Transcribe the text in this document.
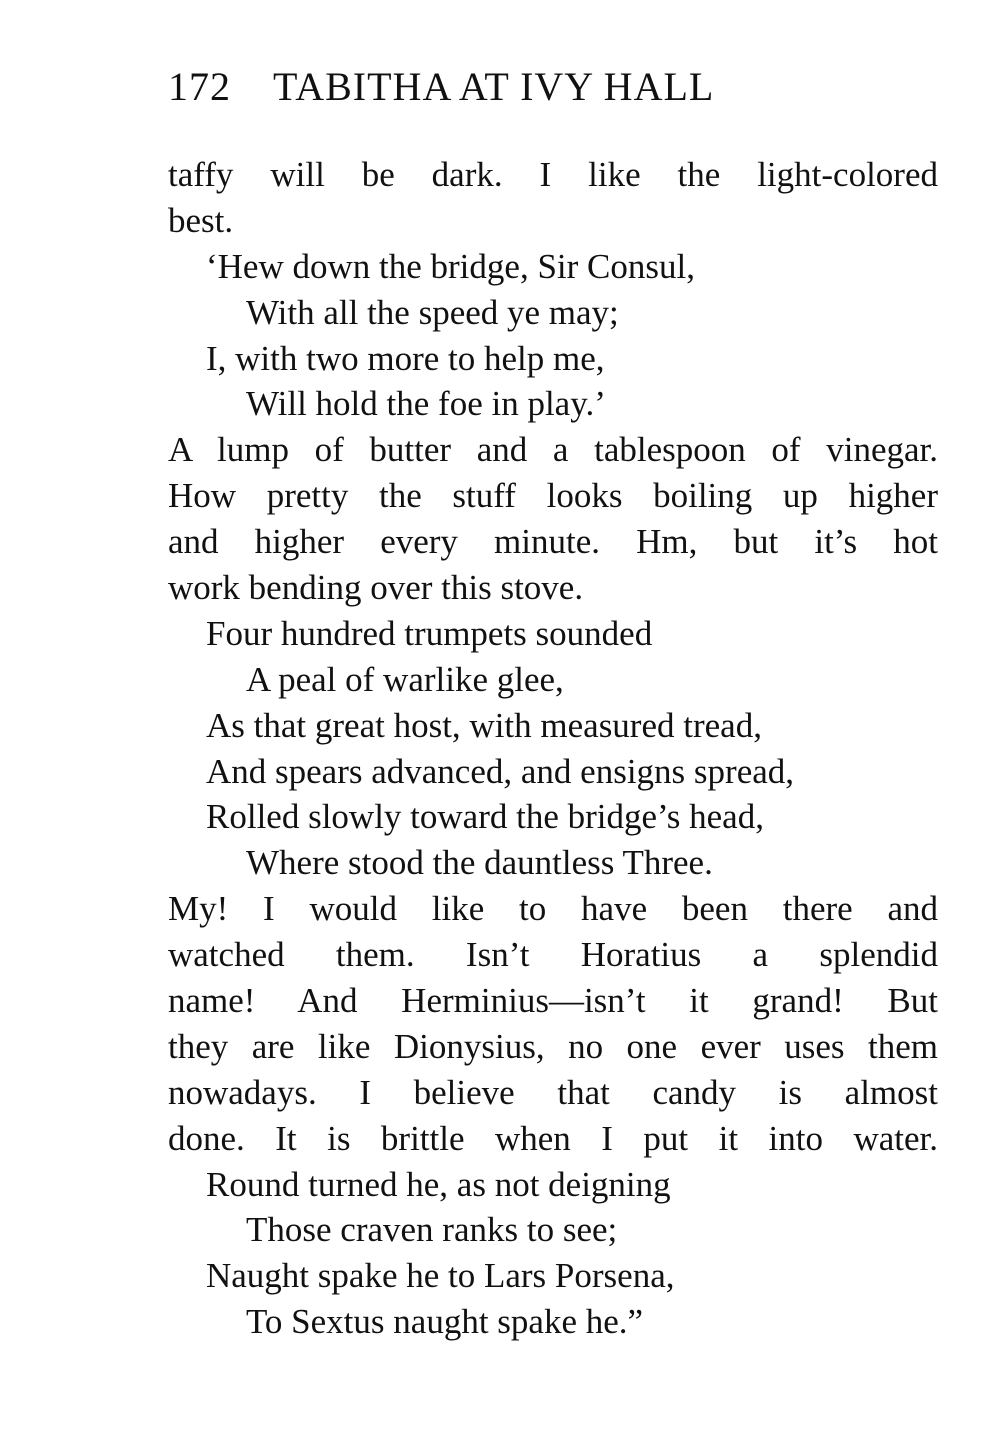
172 TABITHA AT IVY HALL
taffy will be dark. I like the light-colored
best.
‘Hew down the bridge, Sir Consul,
With all the speed ye may;
I, with two more to help me,
Will hold the foe in play.’
A lump of butter and a tablespoon of vinegar.
How pretty the stuff looks boiling up higher
and higher every minute. Hm, but it’s hot
work bending over this stove.
Four hundred trumpets sounded
A peal of warlike glee,
As that great host, with measured tread,
And spears advanced, and ensigns spread,
Rolled slowly toward the bridge’s head,
Where stood the dauntless Three.
My! I would like to have been there and
watched them. Isn’t Horatius a splendid
name! And Herminius—isn’t it grand! But
they are like Dionysius, no one ever uses them
nowadays. I believe that candy is almost
done. It is brittle when I put it into water.
Round turned he, as not deigning
Those craven ranks to see;
Naught spake he to Lars Porsena,
To Sextus naught spake he.”
